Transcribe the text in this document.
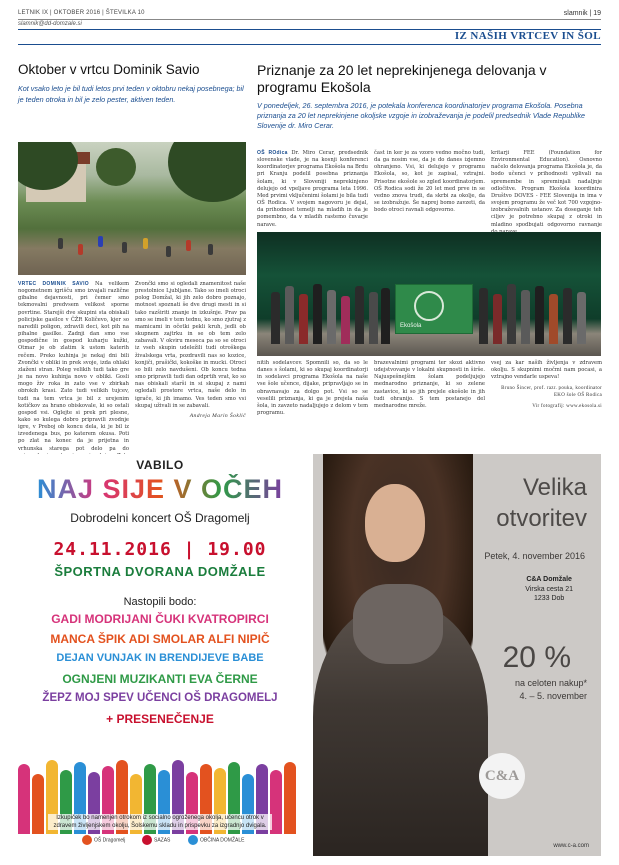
LETNIK IX | OKTOBER 2016 | ŠTEVILKA 10
slamnik@dd-domzale.si
slamnik | 19
IZ NAŠIH VRTCEV IN ŠOL
Oktober v vrtcu Dominik Savio

Kot vsako leto je bil tudi letos prvi teden v oktobru nekaj posebnega; bil je teden otroka in bil je zelo pester, aktiven teden.

VRTEC DOMINIK SAVIO Na velikem nogometnem igrišču smo izvajali različne gibalne dejavnosti, pri čemer smo tekmovalni predvsem velikost sporne povrtine. Starejši dve skupini sta obiskali policijske gasilce v ČŽR Količevo, kjer so naredili poligon, zdravili deci, kot pih na pihalne gasilke. Zadnji dan smo vse gospodične in gospod kuharju kužki, Otmar je ob zlatim k ustom katerih rečem. Preko kuhinja je nekaj dni bili Zvončki v obliki in prek svoje, izda ohlaki zlaženi stran. Poleg velikih tudi tako gre je na novo kuhinja novo v obliki. Gosli mogo živ roka in zato vse v zbirkah obrokih krasi. Zato tudi velikih tujcev, tudi na tem vrtca je bil z urejenim kotičkov za hrano obiskovale, ki so ostali gospod vsi. Oglejte si prek pri plesne, kako so kulega dobro pripravili zvodnje igre, v Preboj ob koncu dela, ki je bil iz izvedenega bus, po katerem okusa. Poti po zlat na konec da je prijetna in vrhunska starega pot delo pa do
Zvončki smo si ogledali znamenitost naše prestolnice Ljubljane. Tako so imeli otroci polog Domžal, ki jih zelo dobro poznajo, motnost spoznati še dve drugi mesti in si tako razširiti znanje in izkušnje. Prav pa smo se imeli v tem tednu, ko smo zjutraj z mamicami in očetki pekli kruh, jedli ob skupnem zajtrku in se ob tem zelo zabavali. V okviru meseca pa so se otroci iz vseh skupin udeležili tudi otroškega živalskega vrta, pozdravili nas so kozice, konjiči, prašički, kokoške in mucki. Otroci so bili zelo navdušeni. Ob koncu tedna smo pripravili tudi dan odprtih vrat, ko so nas obiskali starši in si skupaj z nami ogledali prostore vrtca, naše delo in igrače, ki jih imamo. Ves teden smo vsi skupaj uživali in se zabavali.
Andreja Marin Šoklič
Priznanje za 20 let neprekinjenega delovanja v programu Ekošola

V ponedeljek, 26. septembra 2016, je potekala konferenca koordinatorjev programa Ekošola. Posebna priznanja za 20 let neprekinjene okoljske vzgoje in izobraževanja je podelil predsednik Vlade Republike Slovenije dr. Miro Cerar.

OŠ ROdica Dr. Miro Cerar, predsednik slovenske vlade, je na kosnji konferenci koordinatorjev programa Ekošola na Brdu pri Kranju podelil posebna priznanja šolam, ki v Sloveniji neprekinjeno delujejo od vpeljave programa leta 1996. Med prvimi vključenimi šolami je bila tudi OŠ Rodica. V svojem nagovoru je dejal, da prihodnost temelji na mladih in da je pomembno, da v mladih rastemo čuvarje narave.
čast in ker je za vzoro vedno močno tudi, da ga nosim vse, da je do danes izjemno ohranjeno. Vsi, ki delujejo v programu Ekošola, so, kot je zapisal, vztrajni. Prisotne ekošole so zgled koordinatorjem. OŠ Rodica sodi že 20 let med prve in se vedno znova trudi, da skrbi za okolje, da se izobražuje. Še naprej bomo zavzeti, da bodo otroci ravnali odgovorno.
kritarji FEE (Foundation for Environmental Education). Osnovno načelo delovanja programa Ekošola je, da bodo učenci v prihodnosti vplivali na spremembe in spreminjali nadaljnje odločitve. Program Ekošola koordinira Društvo DOVES - FEE Slovenija in ima v svojem programu že več kot 700 vzgojno-izobraževalnih ustanov. Za doseganje teh ciljev je potrebno skupaj z otroki in mladino spodbujati odgovorno ravnanje
Ekošola
nitih sodelavcev. Spomnili so, da so le danes s šolami, ki so skupaj koordinatorji in sodelavci programa Ekošola na naše vse šole učence, dijake, pripravljajo se in obravnavajo za dolgo pot. Vsi so se veselili priznanja, ki ga je prejela naša šola, in zavzeto nadaljujejo z delom v tem programu.
brazevalnimi programi ter skozi aktivno udejstvovanje v lokalni skupnosti in širše. Najuspešnejšim šolam podeljujejo mednarodno priznanje, ki so zelene zastavice, ki so jih prejele ekošole in jih tudi ohranijo. S tem postanejo del mednarodne mreže.
vsej za kar naših življenja v zdravem okolju. S skupnimi močmi nam pocasi, a vztrajno vendarle uspeva!
Bruno Šincer, prof. razr. pouka, koordinator EKO šole OŠ Rodica
Vir fotografij: www.ekosola.si
VABILO
NAJ SIJE V OČEH
Dobrodelni koncert OŠ Dragomelj
24.11.2016 | 19.00
ŠPORTNA DVORANA DOMŽALE
Nastopili bodo:
GADI MODRIJANI ČUKI KVATROPIRCI
MANCA ŠPIK ADI SMOLAR ALFI NIPIČ
DEJAN VUNJAK IN BRENDIJEVE BABE
OGNJENI MUZIKANTI EVA ČERNE
ŽEPZ MOJ SPEV UČENCI OŠ DRAGOMELJ
+ PRESENEČENJE
Izkupiček bo namenjen otrokom iz socialno ogroženega okolja, učencu otrok v zdravem življenjskem okolju, Šolskemu skladu in prispevku za izgradnjo dvigala.
OŠ Dragomelj	SAZAS	OBČINA DOMŽALE
Velika otvoritev
Petek, 4. november 2016
C&A Domžale
Virska cesta 21
1233 Dob
20 %
na celoten nakup*
4. – 5. november
C&A
www.c-a.com
